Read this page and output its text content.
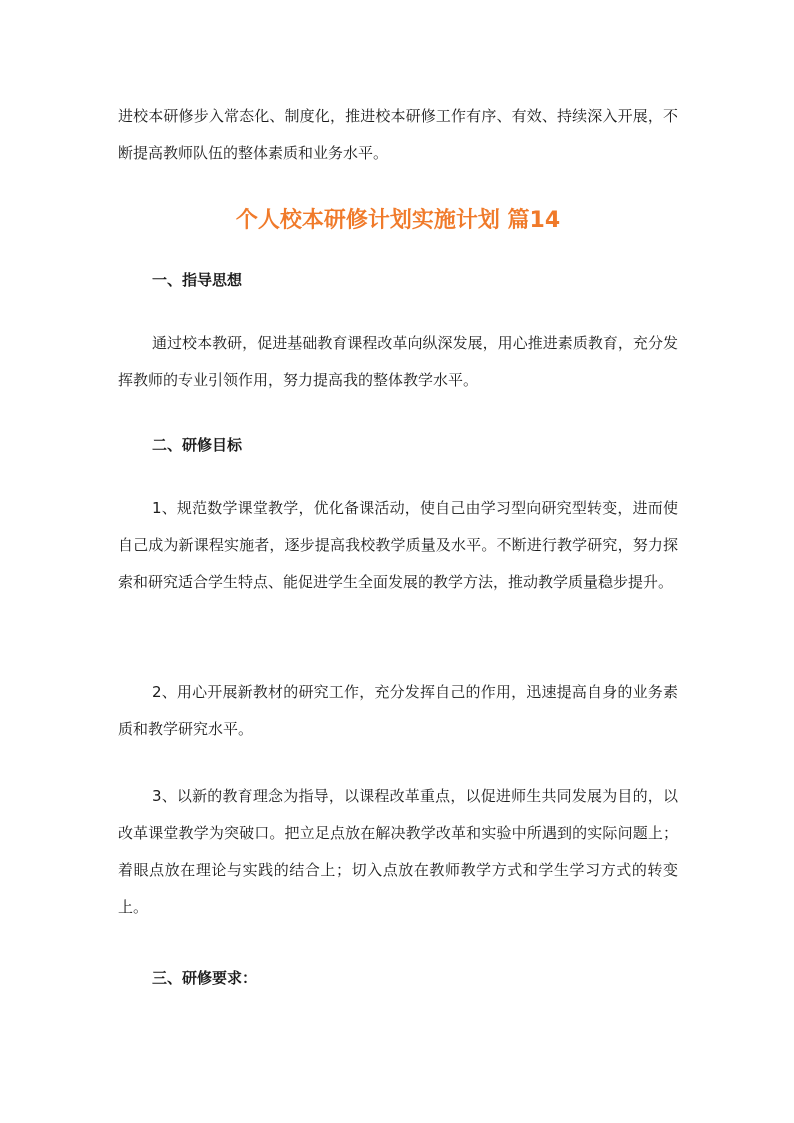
进校本研修步入常态化、制度化，推进校本研修工作有序、有效、持续深入开展，不断提高教师队伍的整体素质和业务水平。

个人校本研修计划实施计划 篇14

一、指导思想

通过校本教研，促进基础教育课程改革向纵深发展，用心推进素质教育，充分发挥教师的专业引领作用，努力提高我的整体教学水平。

二、研修目标

1、规范数学课堂教学，优化备课活动，使自己由学习型向研究型转变，进而使自己成为新课程实施者，逐步提高我校教学质量及水平。不断进行教学研究，努力探索和研究适合学生特点、能促进学生全面发展的教学方法，推动教学质量稳步提升。

2、用心开展新教材的研究工作，充分发挥自己的作用，迅速提高自身的业务素质和教学研究水平。

3、以新的教育理念为指导，以课程改革重点，以促进师生共同发展为目的，以改革课堂教学为突破口。把立足点放在解决教学改革和实验中所遇到的实际问题上；着眼点放在理论与实践的结合上；切入点放在教师教学方式和学生学习方式的转变上。

三、研修要求：
